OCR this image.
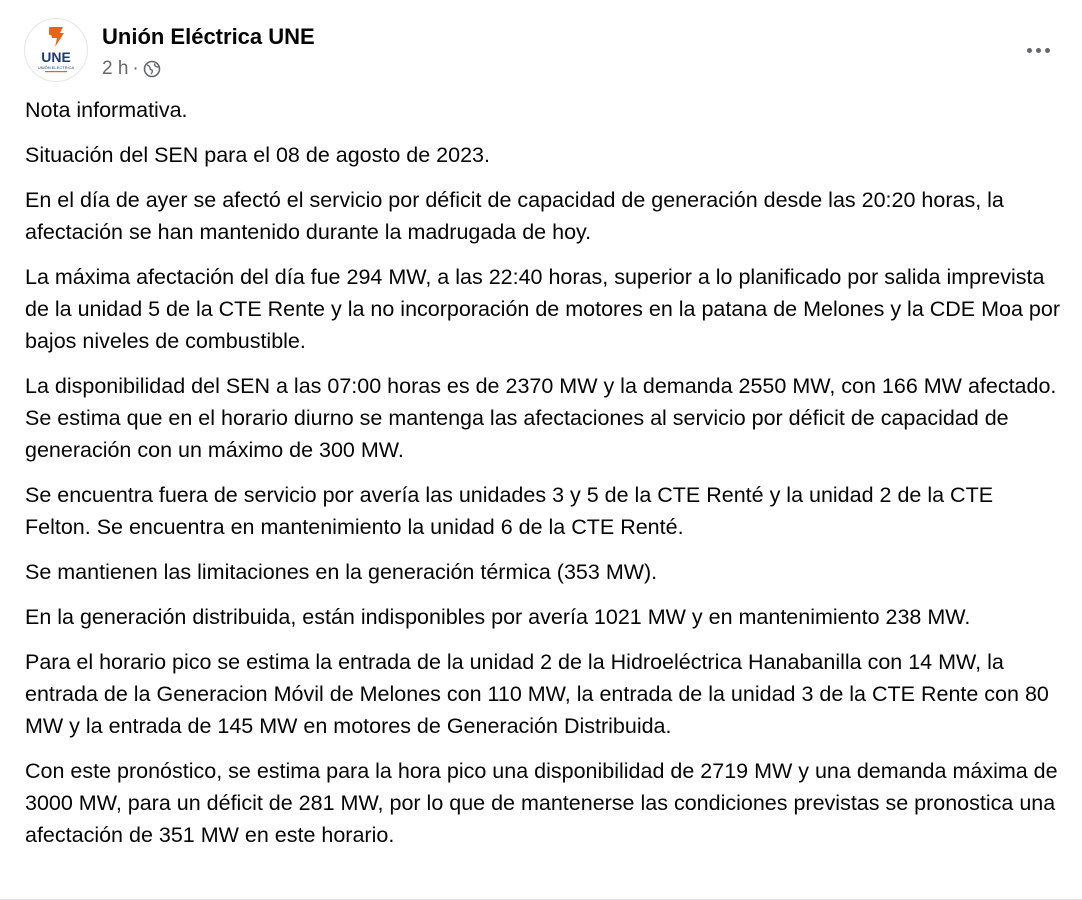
UNE
UNIÓN ELÉCTRICA
Unión Eléctrica UNE
2 h ·

Nota informativa.

Situación del SEN para el 08 de agosto de 2023.

En el día de ayer se afectó el servicio por déficit de capacidad de generación desde las 20:20 horas, la afectación se han mantenido durante la madrugada de hoy.

La máxima afectación del día fue 294 MW, a las 22:40 horas, superior a lo planificado por salida imprevista de la unidad 5 de la CTE Rente y la no incorporación de motores en la patana de Melones y la CDE Moa por bajos niveles de combustible.

La disponibilidad del SEN a las 07:00 horas es de 2370 MW y la demanda 2550 MW, con 166 MW afectado. Se estima que en el horario diurno se mantenga las afectaciones al servicio por déficit de capacidad de generación con un máximo de 300 MW.

Se encuentra fuera de servicio por avería las unidades 3 y 5 de la CTE Renté y la unidad 2 de la CTE Felton. Se encuentra en mantenimiento la unidad 6 de la CTE Renté.

Se mantienen las limitaciones en la generación térmica (353 MW).

En la generación distribuida, están indisponibles por avería 1021 MW y en mantenimiento 238 MW.

Para el horario pico se estima la entrada de la unidad 2 de la Hidroeléctrica Hanabanilla con 14 MW, la entrada de la Generacion Móvil de Melones con 110 MW, la entrada de la unidad 3 de la CTE Rente con 80 MW y la entrada de 145 MW en motores de Generación Distribuida.

Con este pronóstico, se estima para la hora pico una disponibilidad de 2719 MW y una demanda máxima de 3000 MW, para un déficit de 281 MW, por lo que de mantenerse las condiciones previstas se pronostica una afectación de 351 MW en este horario.
